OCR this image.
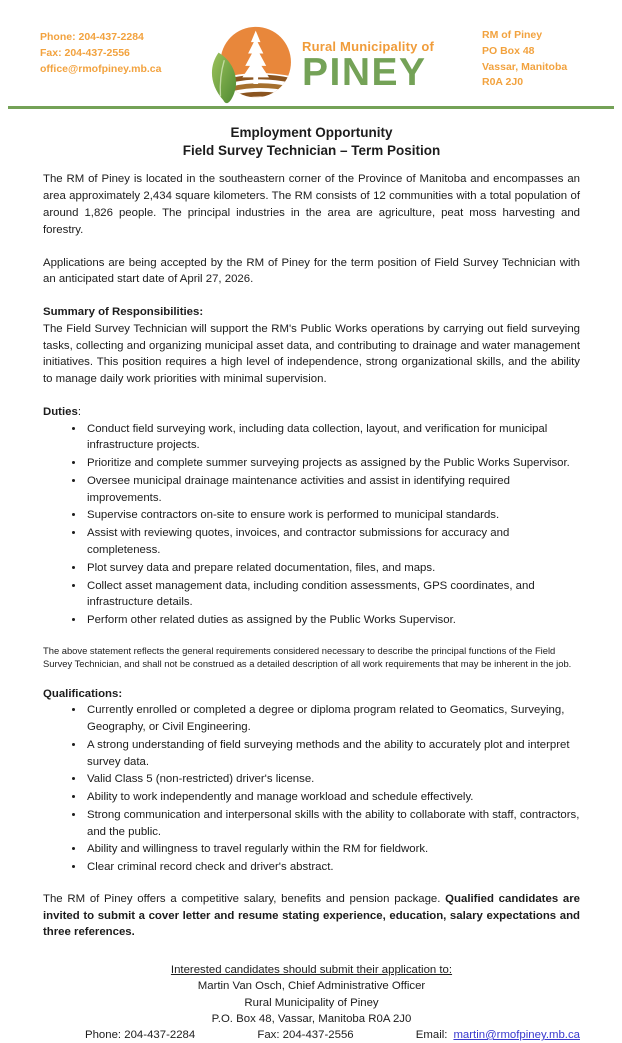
Phone: 204-437-2284
Fax: 204-437-2556
office@rmofpiney.mb.ca
Rural Municipality of
PINEY
RM of Piney
PO Box 48
Vassar, Manitoba
R0A 2J0
Employment Opportunity
Field Survey Technician – Term Position

The RM of Piney is located in the southeastern corner of the Province of Manitoba and encompasses an area approximately 2,434 square kilometers. The RM consists of 12 communities with a total population of around 1,826 people. The principal industries in the area are agriculture, peat moss harvesting and forestry.

Applications are being accepted by the RM of Piney for the term position of Field Survey Technician with an anticipated start date of April 27, 2026.

Summary of Responsibilities:

The Field Survey Technician will support the RM's Public Works operations by carrying out field surveying tasks, collecting and organizing municipal asset data, and contributing to drainage and water management initiatives. This position requires a high level of independence, strong organizational skills, and the ability to manage daily work priorities with minimal supervision.

Duties:
• Conduct field surveying work, including data collection, layout, and verification for municipal infrastructure projects.
• Prioritize and complete summer surveying projects as assigned by the Public Works Supervisor.
• Oversee municipal drainage maintenance activities and assist in identifying required improvements.
• Supervise contractors on-site to ensure work is performed to municipal standards.
• Assist with reviewing quotes, invoices, and contractor submissions for accuracy and completeness.
• Plot survey data and prepare related documentation, files, and maps.
• Collect asset management data, including condition assessments, GPS coordinates, and infrastructure details.
• Perform other related duties as assigned by the Public Works Supervisor.

The above statement reflects the general requirements considered necessary to describe the principal functions of the Field Survey Technician, and shall not be construed as a detailed description of all work requirements that may be inherent in the job.

Qualifications:
• Currently enrolled or completed a degree or diploma program related to Geomatics, Surveying, Geography, or Civil Engineering.
• A strong understanding of field surveying methods and the ability to accurately plot and interpret survey data.
• Valid Class 5 (non-restricted) driver's license.
• Ability to work independently and manage workload and schedule effectively.
• Strong communication and interpersonal skills with the ability to collaborate with staff, contractors, and the public.
• Ability and willingness to travel regularly within the RM for fieldwork.
• Clear criminal record check and driver's abstract.

The RM of Piney offers a competitive salary, benefits and pension package. Qualified candidates are invited to submit a cover letter and resume stating experience, education, salary expectations and three references.

Interested candidates should submit their application to:
Martin Van Osch, Chief Administrative Officer
Rural Municipality of Piney
P.O. Box 48, Vassar, Manitoba R0A 2J0
Phone: 204-437-2284	Fax: 204-437-2556	Email: martin@rmofpiney.mb.ca
